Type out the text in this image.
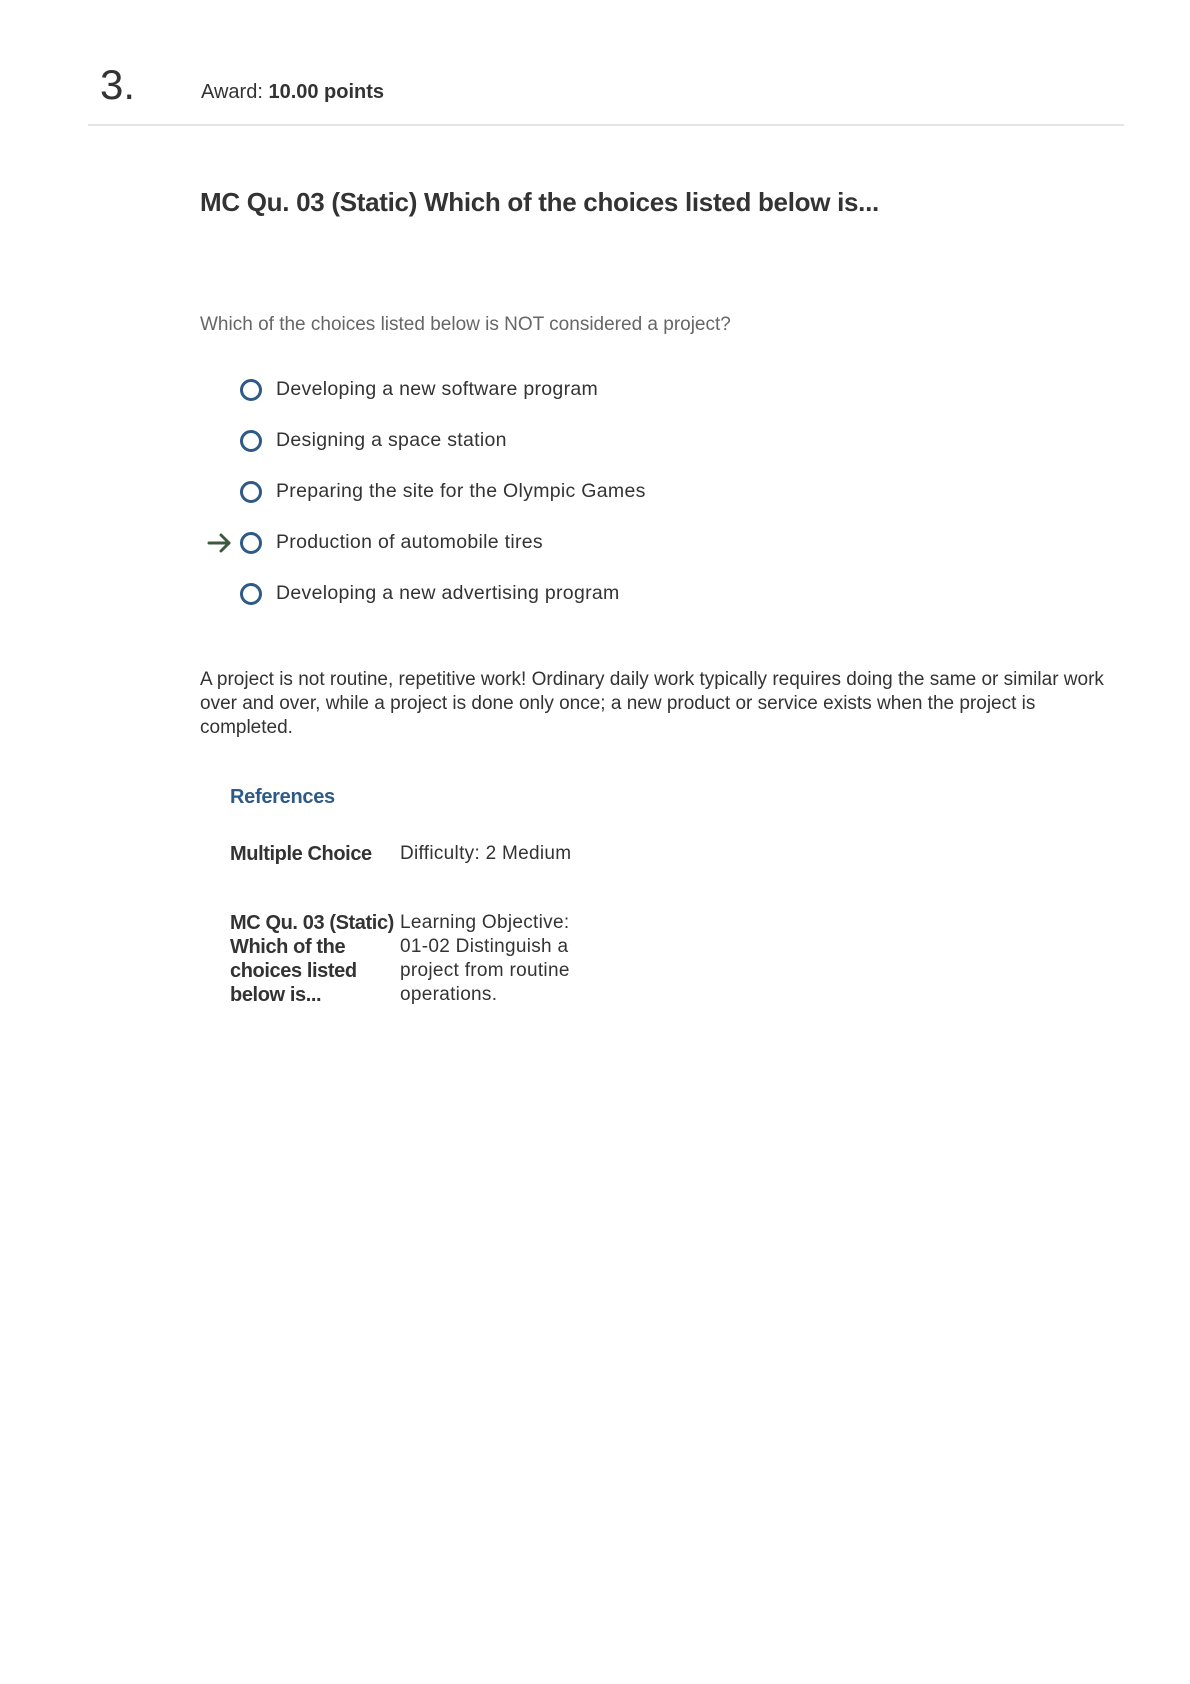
3.	Award: 10.00 points
MC Qu. 03 (Static) Which of the choices listed below is...
Which of the choices listed below is NOT considered a project?
Developing a new software program
Designing a space station
Preparing the site for the Olympic Games
Production of automobile tires
Developing a new advertising program
A project is not routine, repetitive work! Ordinary daily work typically requires doing the same or similar work over and over, while a project is done only once; a new product or service exists when the project is completed.
References
Multiple Choice	Difficulty: 2 Medium
MC Qu. 03 (Static) Which of the choices listed below is...
Learning Objective: 01-02 Distinguish a project from routine operations.
